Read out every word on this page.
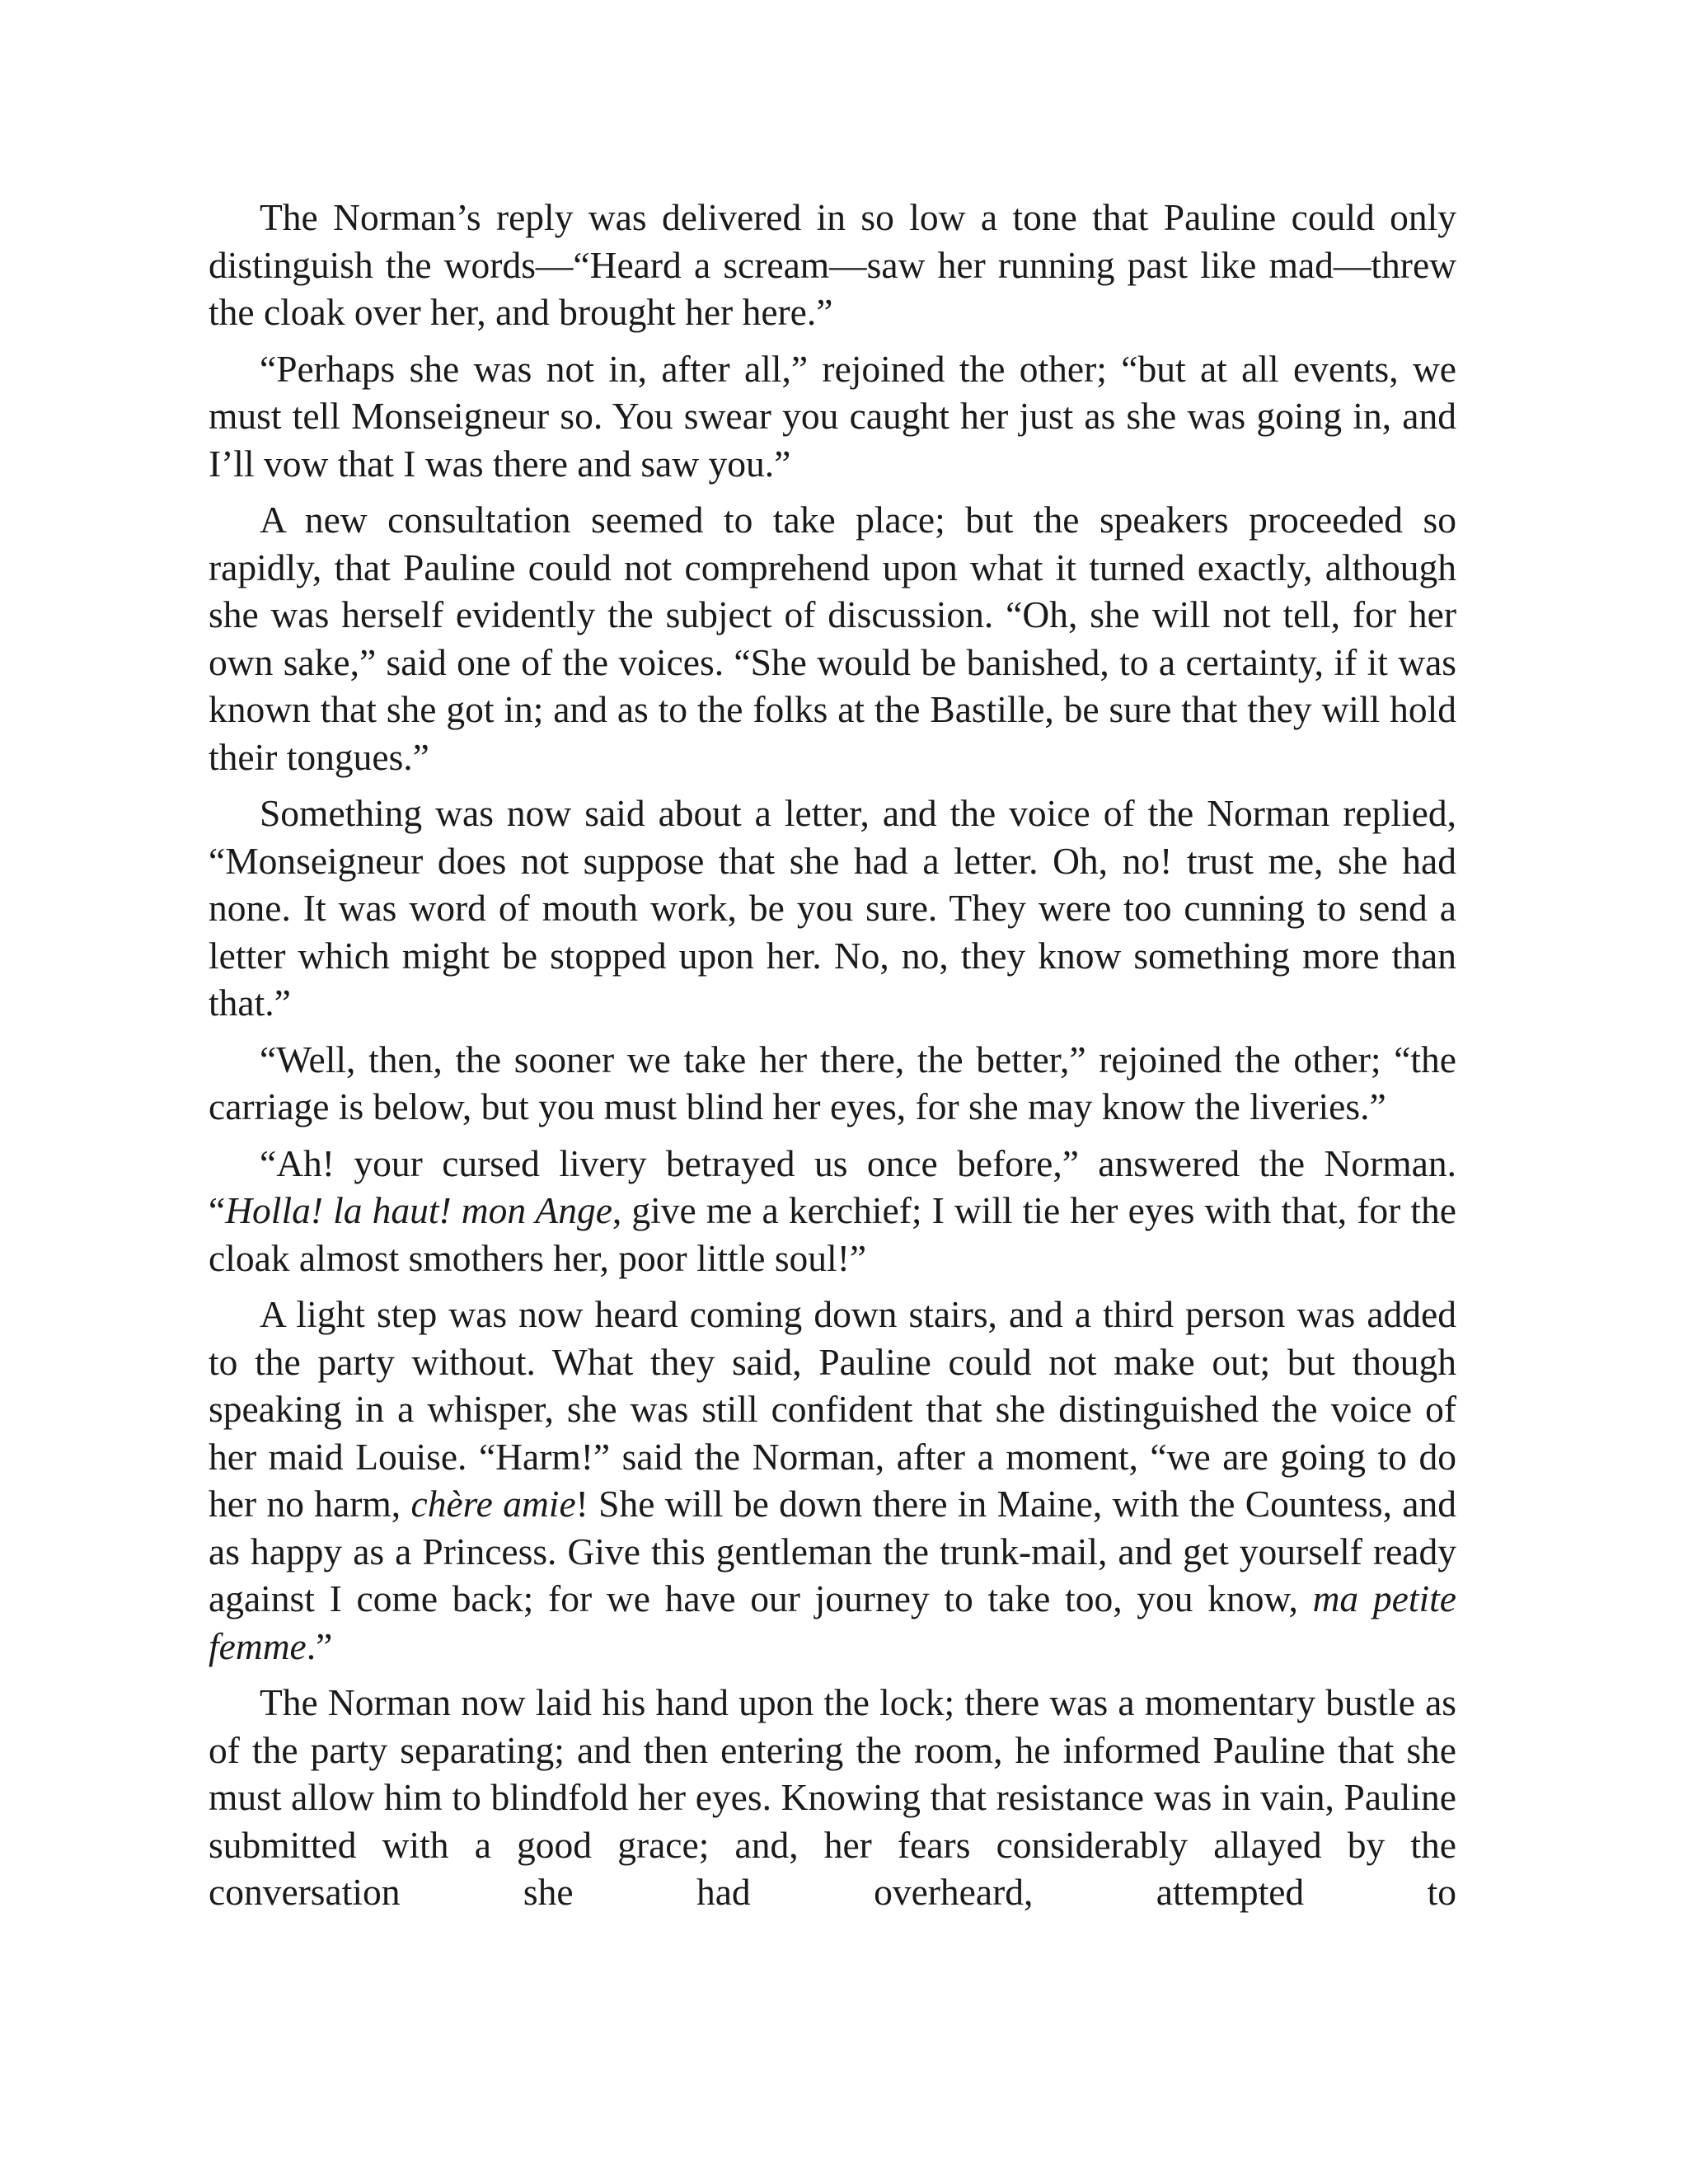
The Norman’s reply was delivered in so low a tone that Pauline could only distinguish the words—“Heard a scream—saw her running past like mad—threw the cloak over her, and brought her here.”

“Perhaps she was not in, after all,” rejoined the other; “but at all events, we must tell Monseigneur so. You swear you caught her just as she was going in, and I’ll vow that I was there and saw you.”

A new consultation seemed to take place; but the speakers proceeded so rapidly, that Pauline could not comprehend upon what it turned exactly, although she was herself evidently the subject of discussion. “Oh, she will not tell, for her own sake,” said one of the voices. “She would be banished, to a certainty, if it was known that she got in; and as to the folks at the Bastille, be sure that they will hold their tongues.”

Something was now said about a letter, and the voice of the Norman replied, “Monseigneur does not suppose that she had a letter. Oh, no! trust me, she had none. It was word of mouth work, be you sure. They were too cunning to send a letter which might be stopped upon her. No, no, they know something more than that.”

“Well, then, the sooner we take her there, the better,” rejoined the other; “the carriage is below, but you must blind her eyes, for she may know the liveries.”

“Ah! your cursed livery betrayed us once before,” answered the Norman. “Holla! la haut! mon Ange, give me a kerchief; I will tie her eyes with that, for the cloak almost smothers her, poor little soul!”

A light step was now heard coming down stairs, and a third person was added to the party without. What they said, Pauline could not make out; but though speaking in a whisper, she was still confident that she distinguished the voice of her maid Louise. “Harm!” said the Norman, after a moment, “we are going to do her no harm, chère amie! She will be down there in Maine, with the Countess, and as happy as a Princess. Give this gentleman the trunk-mail, and get yourself ready against I come back; for we have our journey to take too, you know, ma petite femme.”

The Norman now laid his hand upon the lock; there was a momentary bustle as of the party separating; and then entering the room, he informed Pauline that she must allow him to blindfold her eyes. Knowing that resistance was in vain, Pauline submitted with a good grace; and, her fears considerably allayed by the conversation she had overheard, attempted to
